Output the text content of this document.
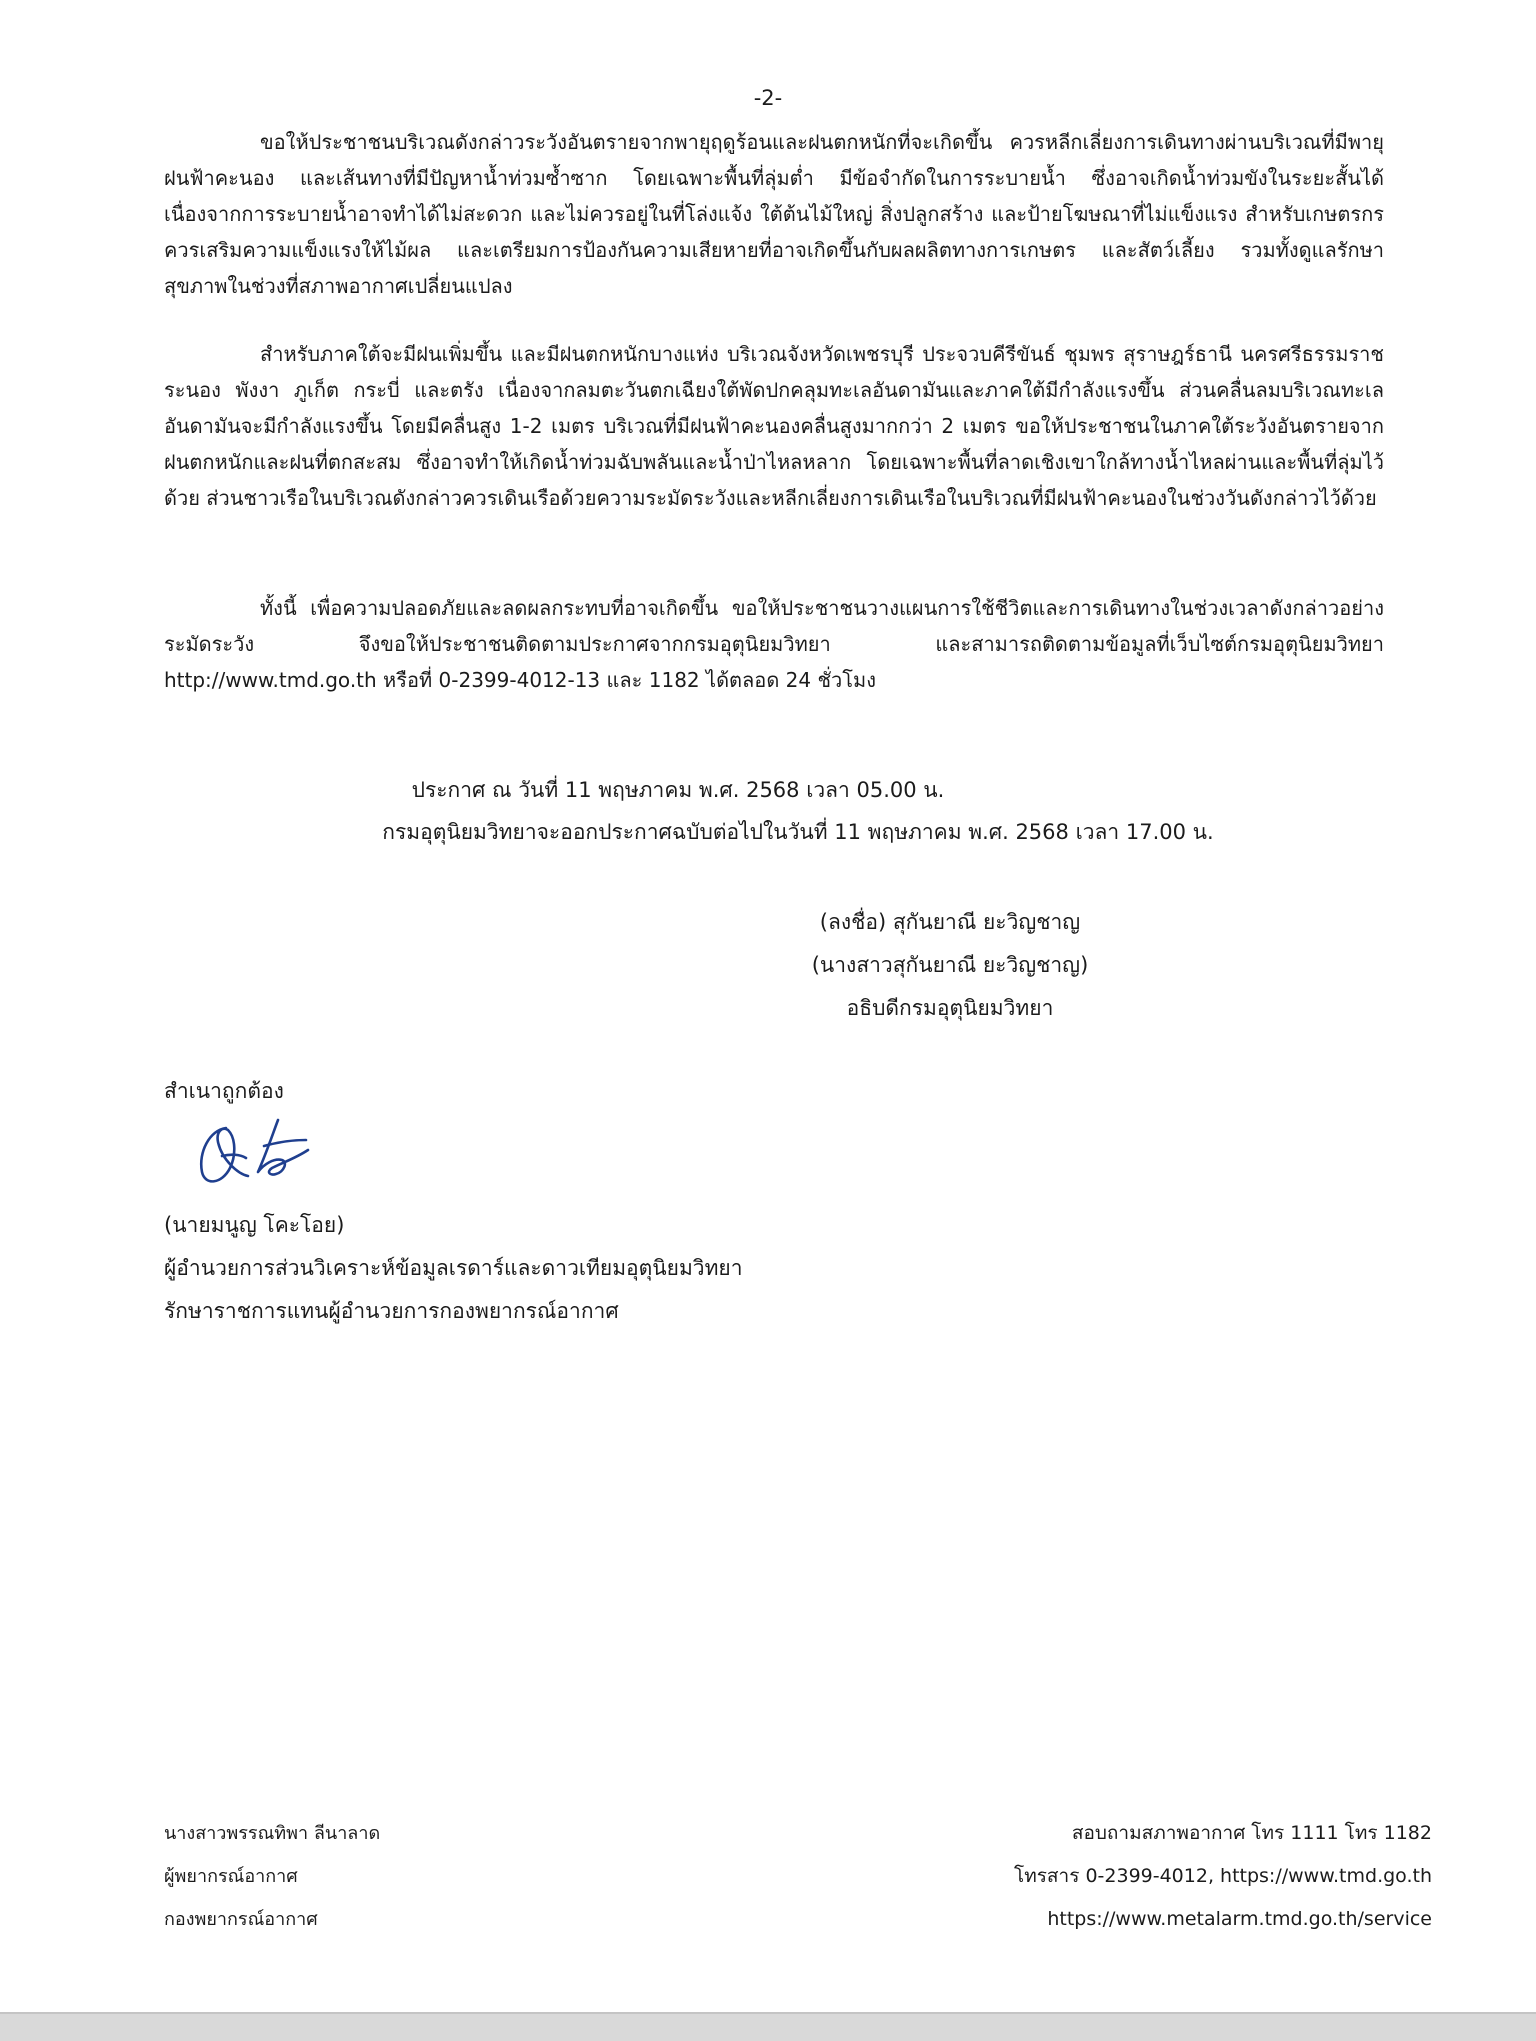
-2-

ขอให้ประชาชนบริเวณดังกล่าวระวังอันตรายจากพายุฤดูร้อนและฝนตกหนักที่จะเกิดขึ้น ควรหลีกเลี่ยงการเดินทางผ่านบริเวณที่มีพายุฝนฟ้าคะนอง และเส้นทางที่มีปัญหาน้ำท่วมซ้ำซาก โดยเฉพาะพื้นที่ลุ่มต่ำ มีข้อจำกัดในการระบายน้ำ ซึ่งอาจเกิดน้ำท่วมขังในระยะสั้นได้ เนื่องจากการระบายน้ำอาจทำได้ไม่สะดวก และไม่ควรอยู่ในที่โล่งแจ้ง ใต้ต้นไม้ใหญ่ สิ่งปลูกสร้าง และป้ายโฆษณาที่ไม่แข็งแรง สำหรับเกษตรกรควรเสริมความแข็งแรงให้ไม้ผล และเตรียมการป้องกันความเสียหายที่อาจเกิดขึ้นกับผลผลิตทางการเกษตร และสัตว์เลี้ยง รวมทั้งดูแลรักษาสุขภาพในช่วงที่สภาพอากาศเปลี่ยนแปลง

สำหรับภาคใต้จะมีฝนเพิ่มขึ้น และมีฝนตกหนักบางแห่ง บริเวณจังหวัดเพชรบุรี ประจวบคีรีขันธ์ ชุมพร สุราษฎร์ธานี นครศรีธรรมราช ระนอง พังงา ภูเก็ต กระบี่ และตรัง เนื่องจากลมตะวันตกเฉียงใต้พัดปกคลุมทะเลอันดามันและภาคใต้มีกำลังแรงขึ้น ส่วนคลื่นลมบริเวณทะเลอันดามันจะมีกำลังแรงขึ้น โดยมีคลื่นสูง 1-2 เมตร บริเวณที่มีฝนฟ้าคะนองคลื่นสูงมากกว่า 2 เมตร ขอให้ประชาชนในภาคใต้ระวังอันตรายจากฝนตกหนักและฝนที่ตกสะสม ซึ่งอาจทำให้เกิดน้ำท่วมฉับพลันและน้ำป่าไหลหลาก โดยเฉพาะพื้นที่ลาดเชิงเขาใกล้ทางน้ำไหลผ่านและพื้นที่ลุ่มไว้ด้วย ส่วนชาวเรือในบริเวณดังกล่าวควรเดินเรือด้วยความระมัดระวังและหลีกเลี่ยงการเดินเรือในบริเวณที่มีฝนฟ้าคะนองในช่วงวันดังกล่าวไว้ด้วย

ทั้งนี้ เพื่อความปลอดภัยและลดผลกระทบที่อาจเกิดขึ้น ขอให้ประชาชนวางแผนการใช้ชีวิตและการเดินทางในช่วงเวลาดังกล่าวอย่างระมัดระวัง จึงขอให้ประชาชนติดตามประกาศจากกรมอุตุนิยมวิทยา และสามารถติดตามข้อมูลที่เว็บไซต์กรมอุตุนิยมวิทยา http://www.tmd.go.th หรือที่ 0-2399-4012-13 และ 1182 ได้ตลอด 24 ชั่วโมง

ประกาศ ณ วันที่ 11 พฤษภาคม พ.ศ. 2568 เวลา 05.00 น.
กรมอุตุนิยมวิทยาจะออกประกาศฉบับต่อไปในวันที่ 11 พฤษภาคม พ.ศ. 2568 เวลา 17.00 น.
(ลงชื่อ) สุกันยาณี ยะวิญชาญ
(นางสาวสุกันยาณี ยะวิญชาญ)
อธิบดีกรมอุตุนิยมวิทยา
สำเนาถูกต้อง
(นายมนูญ โคะโอย)
ผู้อำนวยการส่วนวิเคราะห์ข้อมูลเรดาร์และดาวเทียมอุตุนิยมวิทยา
รักษาราชการแทนผู้อำนวยการกองพยากรณ์อากาศ
นางสาวพรรณทิพา ลีนาลาด
ผู้พยากรณ์อากาศ
กองพยากรณ์อากาศ
สอบถามสภาพอากาศ โทร 1111 โทร 1182
โทรสาร 0-2399-4012, https://www.tmd.go.th
https://www.metalarm.tmd.go.th/service
